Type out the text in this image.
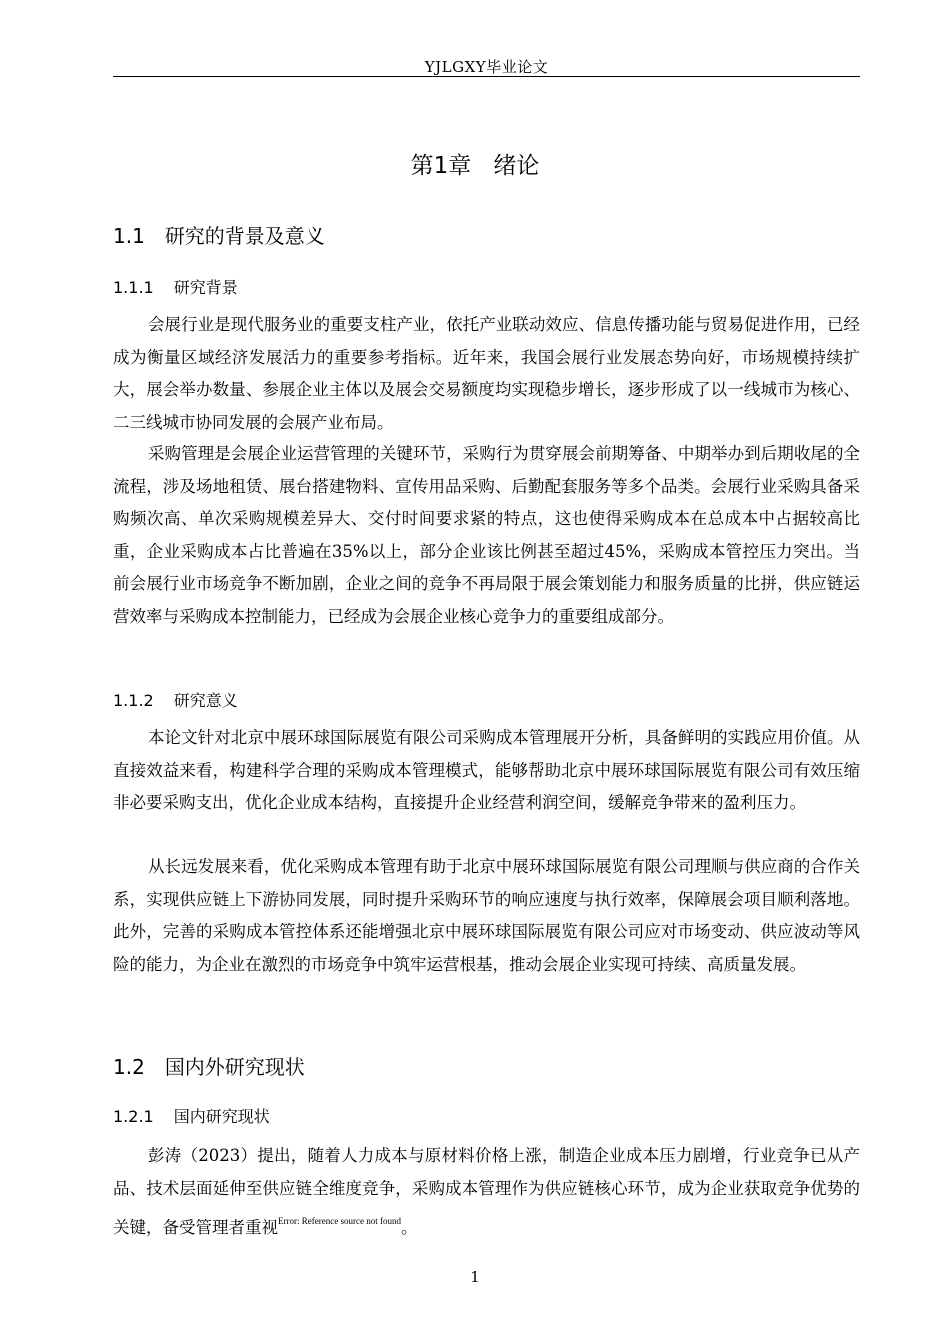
YJLGXY毕业论文
第1章 绪论
1.1 研究的背景及意义
1.1.1 研究背景

会展行业是现代服务业的重要支柱产业，依托产业联动效应、信息传播功能与贸易促进作用，已经成为衡量区域经济发展活力的重要参考指标。近年来，我国会展行业发展态势向好，市场规模持续扩大，展会举办数量、参展企业主体以及展会交易额度均实现稳步增长，逐步形成了以一线城市为核心、二三线城市协同发展的会展产业布局。

采购管理是会展企业运营管理的关键环节，采购行为贯穿展会前期筹备、中期举办到后期收尾的全流程，涉及场地租赁、展台搭建物料、宣传用品采购、后勤配套服务等多个品类。会展行业采购具备采购频次高、单次采购规模差异大、交付时间要求紧的特点，这也使得采购成本在总成本中占据较高比重，企业采购成本占比普遍在35%以上，部分企业该比例甚至超过45%，采购成本管控压力突出。当前会展行业市场竞争不断加剧，企业之间的竞争不再局限于展会策划能力和服务质量的比拼，供应链运营效率与采购成本控制能力，已经成为会展企业核心竞争力的重要组成部分。

1.1.2 研究意义

本论文针对北京中展环球国际展览有限公司采购成本管理展开分析，具备鲜明的实践应用价值。从直接效益来看，构建科学合理的采购成本管理模式，能够帮助北京中展环球国际展览有限公司有效压缩非必要采购支出，优化企业成本结构，直接提升企业经营利润空间，缓解竞争带来的盈利压力。

从长远发展来看，优化采购成本管理有助于北京中展环球国际展览有限公司理顺与供应商的合作关系，实现供应链上下游协同发展，同时提升采购环节的响应速度与执行效率，保障展会项目顺利落地。此外，完善的采购成本管控体系还能增强北京中展环球国际展览有限公司应对市场变动、供应波动等风险的能力，为企业在激烈的市场竞争中筑牢运营根基，推动会展企业实现可持续、高质量发展。

1.2 国内外研究现状
1.2.1 国内研究现状

彭涛（2023）提出，随着人力成本与原材料价格上涨，制造企业成本压力剧增，行业竞争已从产品、技术层面延伸至供应链全维度竞争，采购成本管理作为供应链核心环节，成为企业获取竞争优势的关键，备受管理者重视$^{Error: Reference source not found}$。

1
